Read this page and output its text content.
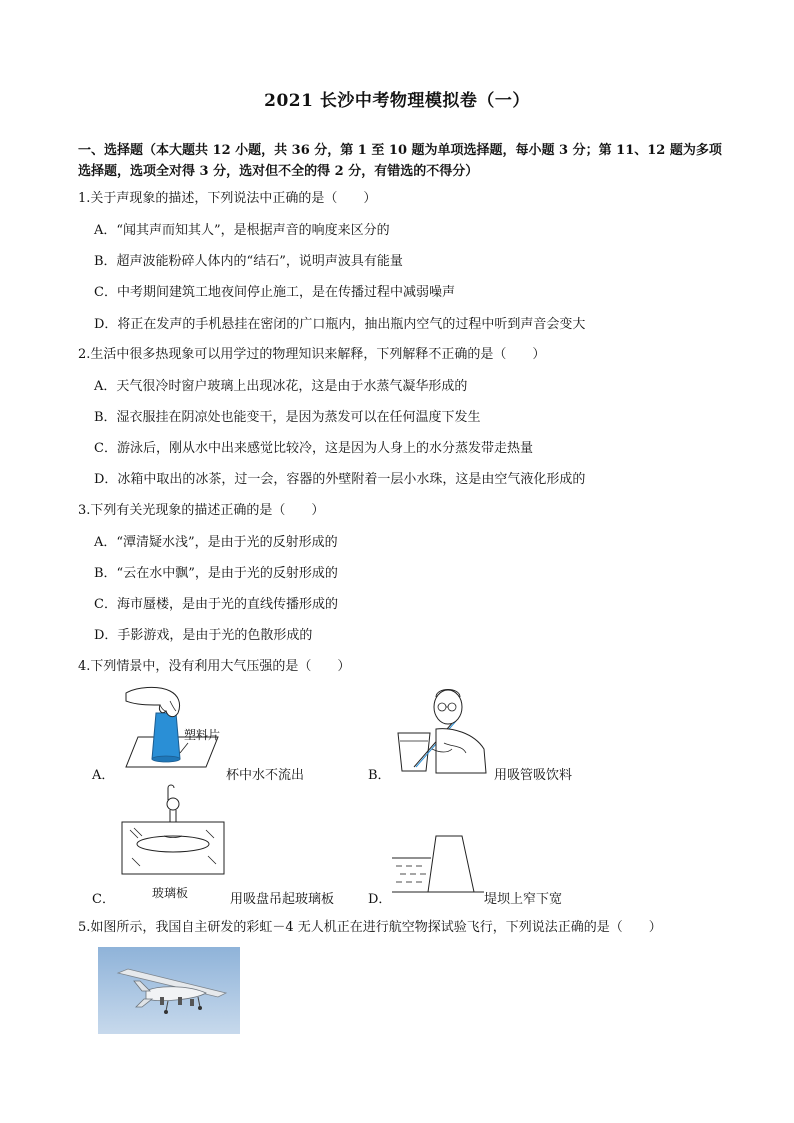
2021 长沙中考物理模拟卷（一）
一、选择题（本大题共 12 小题，共 36 分，第 1 至 10 题为单项选择题，每小题 3 分；第 11、12 题为多项选择题，选项全对得 3 分，选对但不全的得 2 分，有错选的不得分）
1.关于声现象的描述，下列说法中正确的是（　　）
A．“闻其声而知其人”，是根据声音的响度来区分的
B．超声波能粉碎人体内的“结石”，说明声波具有能量
C．中考期间建筑工地夜间停止施工，是在传播过程中减弱噪声
D．将正在发声的手机悬挂在密闭的广口瓶内，抽出瓶内空气的过程中听到声音会变大
2.生活中很多热现象可以用学过的物理知识来解释，下列解释不正确的是（　　）
A．天气很冷时窗户玻璃上出现冰花，这是由于水蒸气凝华形成的
B．湿衣服挂在阴凉处也能变干，是因为蒸发可以在任何温度下发生
C．游泳后，刚从水中出来感觉比较冷，这是因为人身上的水分蒸发带走热量
D．冰箱中取出的冰茶，过一会，容器的外壁附着一层小水珠，这是由空气液化形成的
3.下列有关光现象的描述正确的是（　　）
A．“潭清疑水浅”，是由于光的反射形成的
B．“云在水中飘”，是由于光的反射形成的
C．海市蜃楼，是由于光的直线传播形成的
D．手影游戏，是由于光的色散形成的
4.下列情景中，没有利用大气压强的是（　　）
塑料片
A．	杯中水不流出	B．	用吸管吸饮料
玻璃板
C．	用吸盘吊起玻璃板	D．	堤坝上窄下宽
5.如图所示，我国自主研发的彩虹－4 无人机正在进行航空物探试验飞行，下列说法正确的是（　　）
